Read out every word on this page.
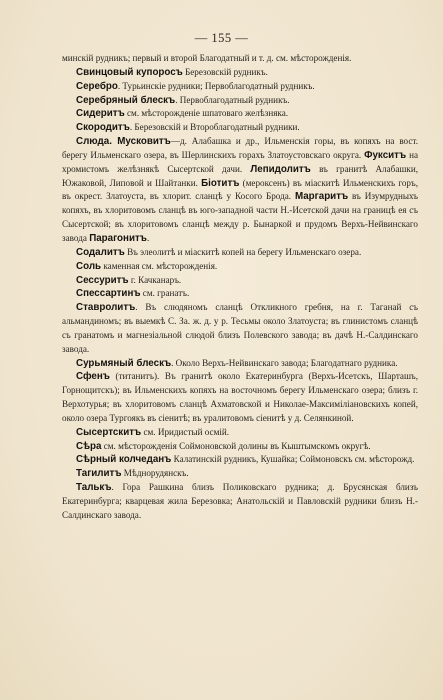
— 155 —

минскій рудникъ; первый и второй Благодатный и т. д. см. мѣсторожденія.

Свинцовый купоросъ Березовскій рудникъ.

Серебро. Турьинскіе рудники; Первоблагодатный рудникъ.

Серебряный блескъ. Первоблагодатный рудникъ.

Сидеритъ см. мѣсторожденіе шпатоваго желѣзняка.

Скородитъ. Березовскій и Второблагодатный рудники.

Слюда. Мусковитъ—д. Алабашка и др., Ильменскія горы, въ копяхъ на вост. берегу Ильменскаго озера, въ Шерлинскихъ горахъ Златоустовскаго округа. Фукситъ на хромистомъ желѣзнякѣ Сысертской дачи. Лепидолитъ въ гранитѣ Алабашки, Южаковой, Липовой и Шайтанки. Біотитъ (мероксенъ) въ міаскитѣ Ильменскихъ горъ, въ окрест. Златоуста, въ хлорит. сланцѣ у Косого Брода. Маргаритъ въ Изумрудныхъ копяхъ, въ хлоритовомъ сланцѣ въ юго-западной части Н.-Исетской дачи на границѣ ея съ Сысертской; въ хлоритовомъ сланцѣ между р. Бынаркой и прудомъ Верхъ-Нейвинскаго завода Парагонитъ.

Содалитъ Въ элеолитѣ и міаскитѣ копей на берегу Ильменскаго озера.

Соль каменная см. мѣсторожденія.

Сессуритъ г. Качканаръ.

Спессартинъ см. гранатъ.

Ставролитъ. Въ слюдяномъ сланцѣ Откликного гребня, на г. Таганай съ альмандиномъ; въ выемкѣ С. За. ж. д. у р. Тесьмы около Златоуста; въ глинистомъ сланцѣ съ гранатомъ и магнезіальной слюдой близъ Полевского завода; въ дачѣ Н.-Салдинскаго завода.

Сурьмяный блескъ. Около Верхъ-Нейвинскаго завода; Благодатнаго рудника.

Сфенъ (титанитъ). Въ гранитѣ около Екатеринбурга (Верхъ-Исетскъ, Шарташъ, Горнощитскъ); въ Ильменскихъ копяхъ на восточномъ берегу Ильменскаго озера; близъ г. Верхотурья; въ хлоритовомъ сланцѣ Ахматовской и Николае-Максиміліановскихъ копей, около озера Тургоякъ въ сіенитѣ; въ уралитовомъ сіенитѣ у д. Селянкиной.

Сысертскитъ см. Иридистый осмій.

Сѣра см. мѣсторожденія Соймоновской долины въ Кыштымскомъ округѣ.

Сѣрный колчеданъ Калатинскій рудникъ, Кушайка; Соймоновскъ см. мѣсторожд.

Тагилитъ Мѣднорудянскъ.

Талькъ. Гора Рашкина близъ Поликовскаго рудника; д. Брусянская близъ Екатеринбурга; кварцевая жила Березовка; Анатольскій и Павловскій рудники близъ Н.-Салдинскаго завода.
